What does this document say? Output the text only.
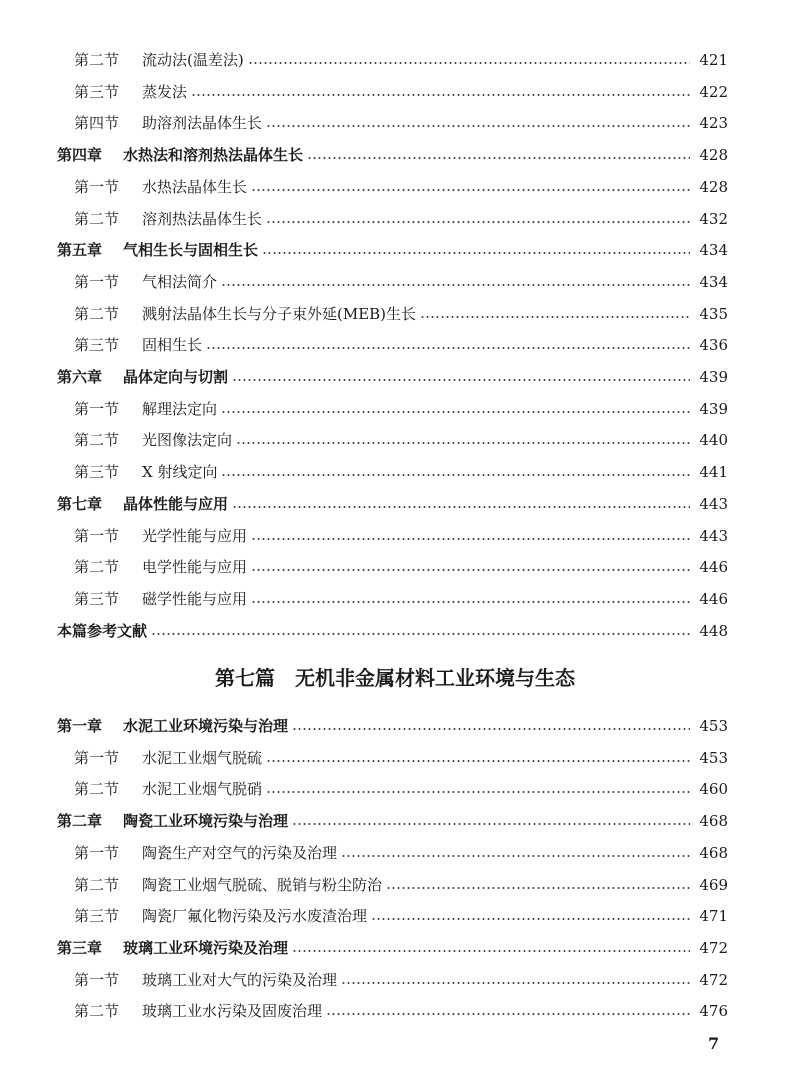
第二节 流动法(温差法)	421
第三节 蒸发法	422
第四节 助溶剂法晶体生长	423
第四章 水热法和溶剂热法晶体生长	428
第一节 水热法晶体生长	428
第二节 溶剂热法晶体生长	432
第五章 气相生长与固相生长	434
第一节 气相法简介	434
第二节 溅射法晶体生长与分子束外延(MEB)生长	435
第三节 固相生长	436
第六章 晶体定向与切割	439
第一节 解理法定向	439
第二节 光图像法定向	440
第三节 X 射线定向	441
第七章 晶体性能与应用	443
第一节 光学性能与应用	443
第二节 电学性能与应用	446
第三节 磁学性能与应用	446
本篇参考文献	448
第一章 水泥工业环境污染与治理	453
第一节 水泥工业烟气脱硫	453
第二节 水泥工业烟气脱硝	460
第二章 陶瓷工业环境污染与治理	468
第一节 陶瓷生产对空气的污染及治理	468
第二节 陶瓷工业烟气脱硫、脱销与粉尘防治	469
第三节 陶瓷厂氟化物污染及污水废渣治理	471
第三章 玻璃工业环境污染及治理	472
第一节 玻璃工业对大气的污染及治理	472
第二节 玻璃工业水污染及固废治理	476
第七篇　无机非金属材料工业环境与生态
7
